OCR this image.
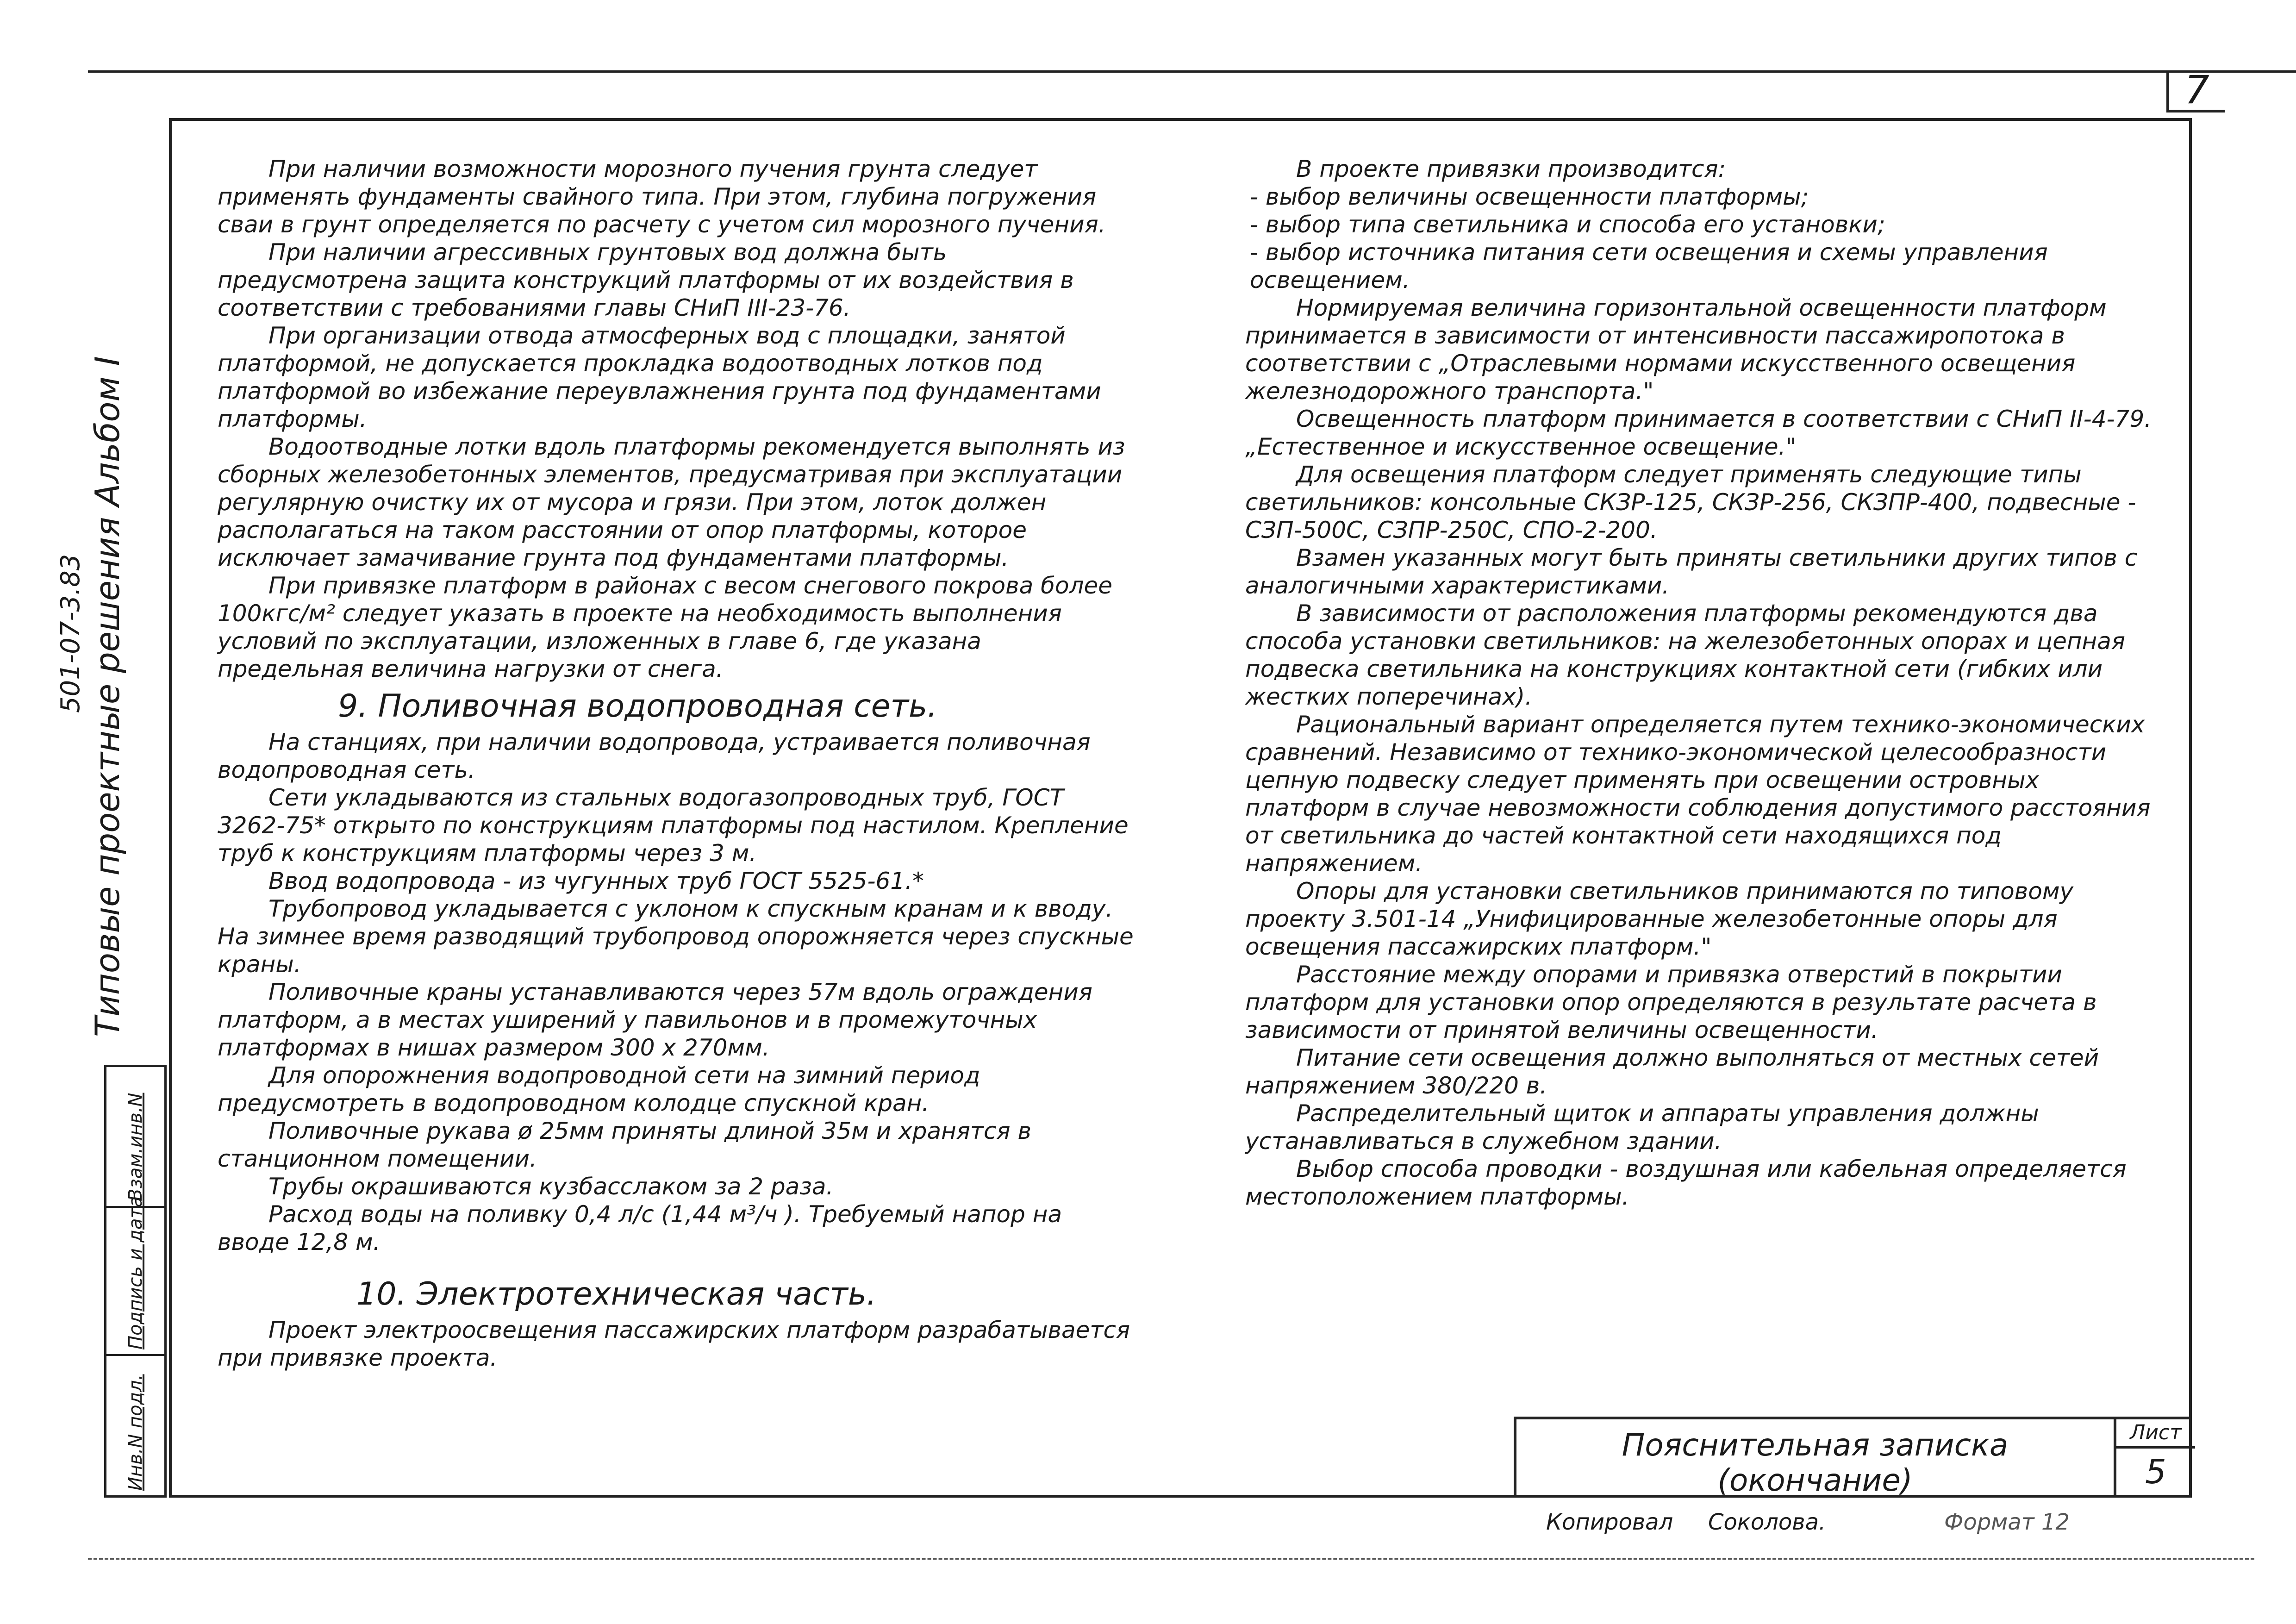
7
501-07-3.83 Типовые проектные решения Альбом I
Взам.инв.N
Подпись и дата
Инв.N подл.

При наличии возможности морозного пучения грунта следует применять фундаменты свайного типа. При этом, глубина погружения сваи в грунт определяется по расчету с учетом сил морозного пучения.

При наличии агрессивных грунтовых вод должна быть предусмотрена защита конструкций платформы от их воздействия в соответствии с требованиями главы СНиП III-23-76.

При организации отвода атмосферных вод с площадки, занятой платформой, не допускается прокладка водоотводных лотков под платформой во избежание переувлажнения грунта под фундаментами платформы.

Водоотводные лотки вдоль платформы рекомендуется выполнять из сборных железобетонных элементов, предусматривая при эксплуатации регулярную очистку их от мусора и грязи. При этом, лоток должен располагаться на таком расстоянии от опор платформы, которое исключает замачивание грунта под фундаментами платформы.

При привязке платформ в районах с весом снегового покрова более 100кгс/м² следует указать в проекте на необходимость выполнения условий по эксплуатации, изложенных в главе 6, где указана предельная величина нагрузки от снега.

9. Поливочная водопроводная сеть.

На станциях, при наличии водопровода, устраивается поливочная водопроводная сеть.

Сети укладываются из стальных водогазопроводных труб, ГОСТ 3262-75* открыто по конструкциям платформы под настилом. Крепление труб к конструкциям платформы через 3 м.

Ввод водопровода - из чугунных труб ГОСТ 5525-61.*

Трубопровод укладывается с уклоном к спускным кранам и к вводу. На зимнее время разводящий трубопровод опорожняется через спускные краны.

Поливочные краны устанавливаются через 57м вдоль ограждения платформ, а в местах уширений у павильонов и в промежуточных платформах в нишах размером 300 х 270мм.

Для опорожнения водопроводной сети на зимний период предусмотреть в водопроводном колодце спускной кран.

Поливочные рукава ø 25мм приняты длиной 35м и хранятся в станционном помещении.

Трубы окрашиваются кузбасслаком за 2 раза.

Расход воды на поливку 0,4 л/с (1,44 м³/ч ). Требуемый напор на вводе 12,8 м.

10. Электротехническая часть.

Проект электроосвещения пассажирских платформ разрабатывается при привязке проекта.

В проекте привязки производится:

- выбор величины освещенности платформы;

- выбор типа светильника и способа его установки;

- выбор источника питания сети освещения и схемы управления освещением.

Нормируемая величина горизонтальной освещенности платформ принимается в зависимости от интенсивности пассажиропотока в соответствии с „Отраслевыми нормами искусственного освещения железнодорожного транспорта."

Освещенность платформ принимается в соответствии с СНиП II-4-79. „Естественное и искусственное освещение."

Для освещения платформ следует применять следующие типы светильников: консольные СКЗР-125, СКЗР-256, СКЗПР-400, подвесные - СЗП-500С, СЗПР-250С, СПО-2-200.

Взамен указанных могут быть приняты светильники других типов с аналогичными характеристиками.

В зависимости от расположения платформы рекомендуются два способа установки светильников: на железобетонных опорах и цепная подвеска светильника на конструкциях контактной сети (гибких или жестких поперечинах).

Рациональный вариант определяется путем технико-экономических сравнений. Независимо от технико-экономической целесообразности цепную подвеску следует применять при освещении островных платформ в случае невозможности соблюдения допустимого расстояния от светильника до частей контактной сети находящихся под напряжением.

Опоры для установки светильников принимаются по типовому проекту 3.501-14 „Унифицированные железобетонные опоры для освещения пассажирских платформ."

Расстояние между опорами и привязка отверстий в покрытии платформ для установки опор определяются в результате расчета в зависимости от принятой величины освещенности.

Питание сети освещения должно выполняться от местных сетей напряжением 380/220 в.

Распределительный щиток и аппараты управления должны устанавливаться в служебном здании.

Выбор способа проводки - воздушная или кабельная определяется местоположением платформы.

Пояснительная записка
(окончание)
Лист
5
Копировал Соколова.	Формат 12
